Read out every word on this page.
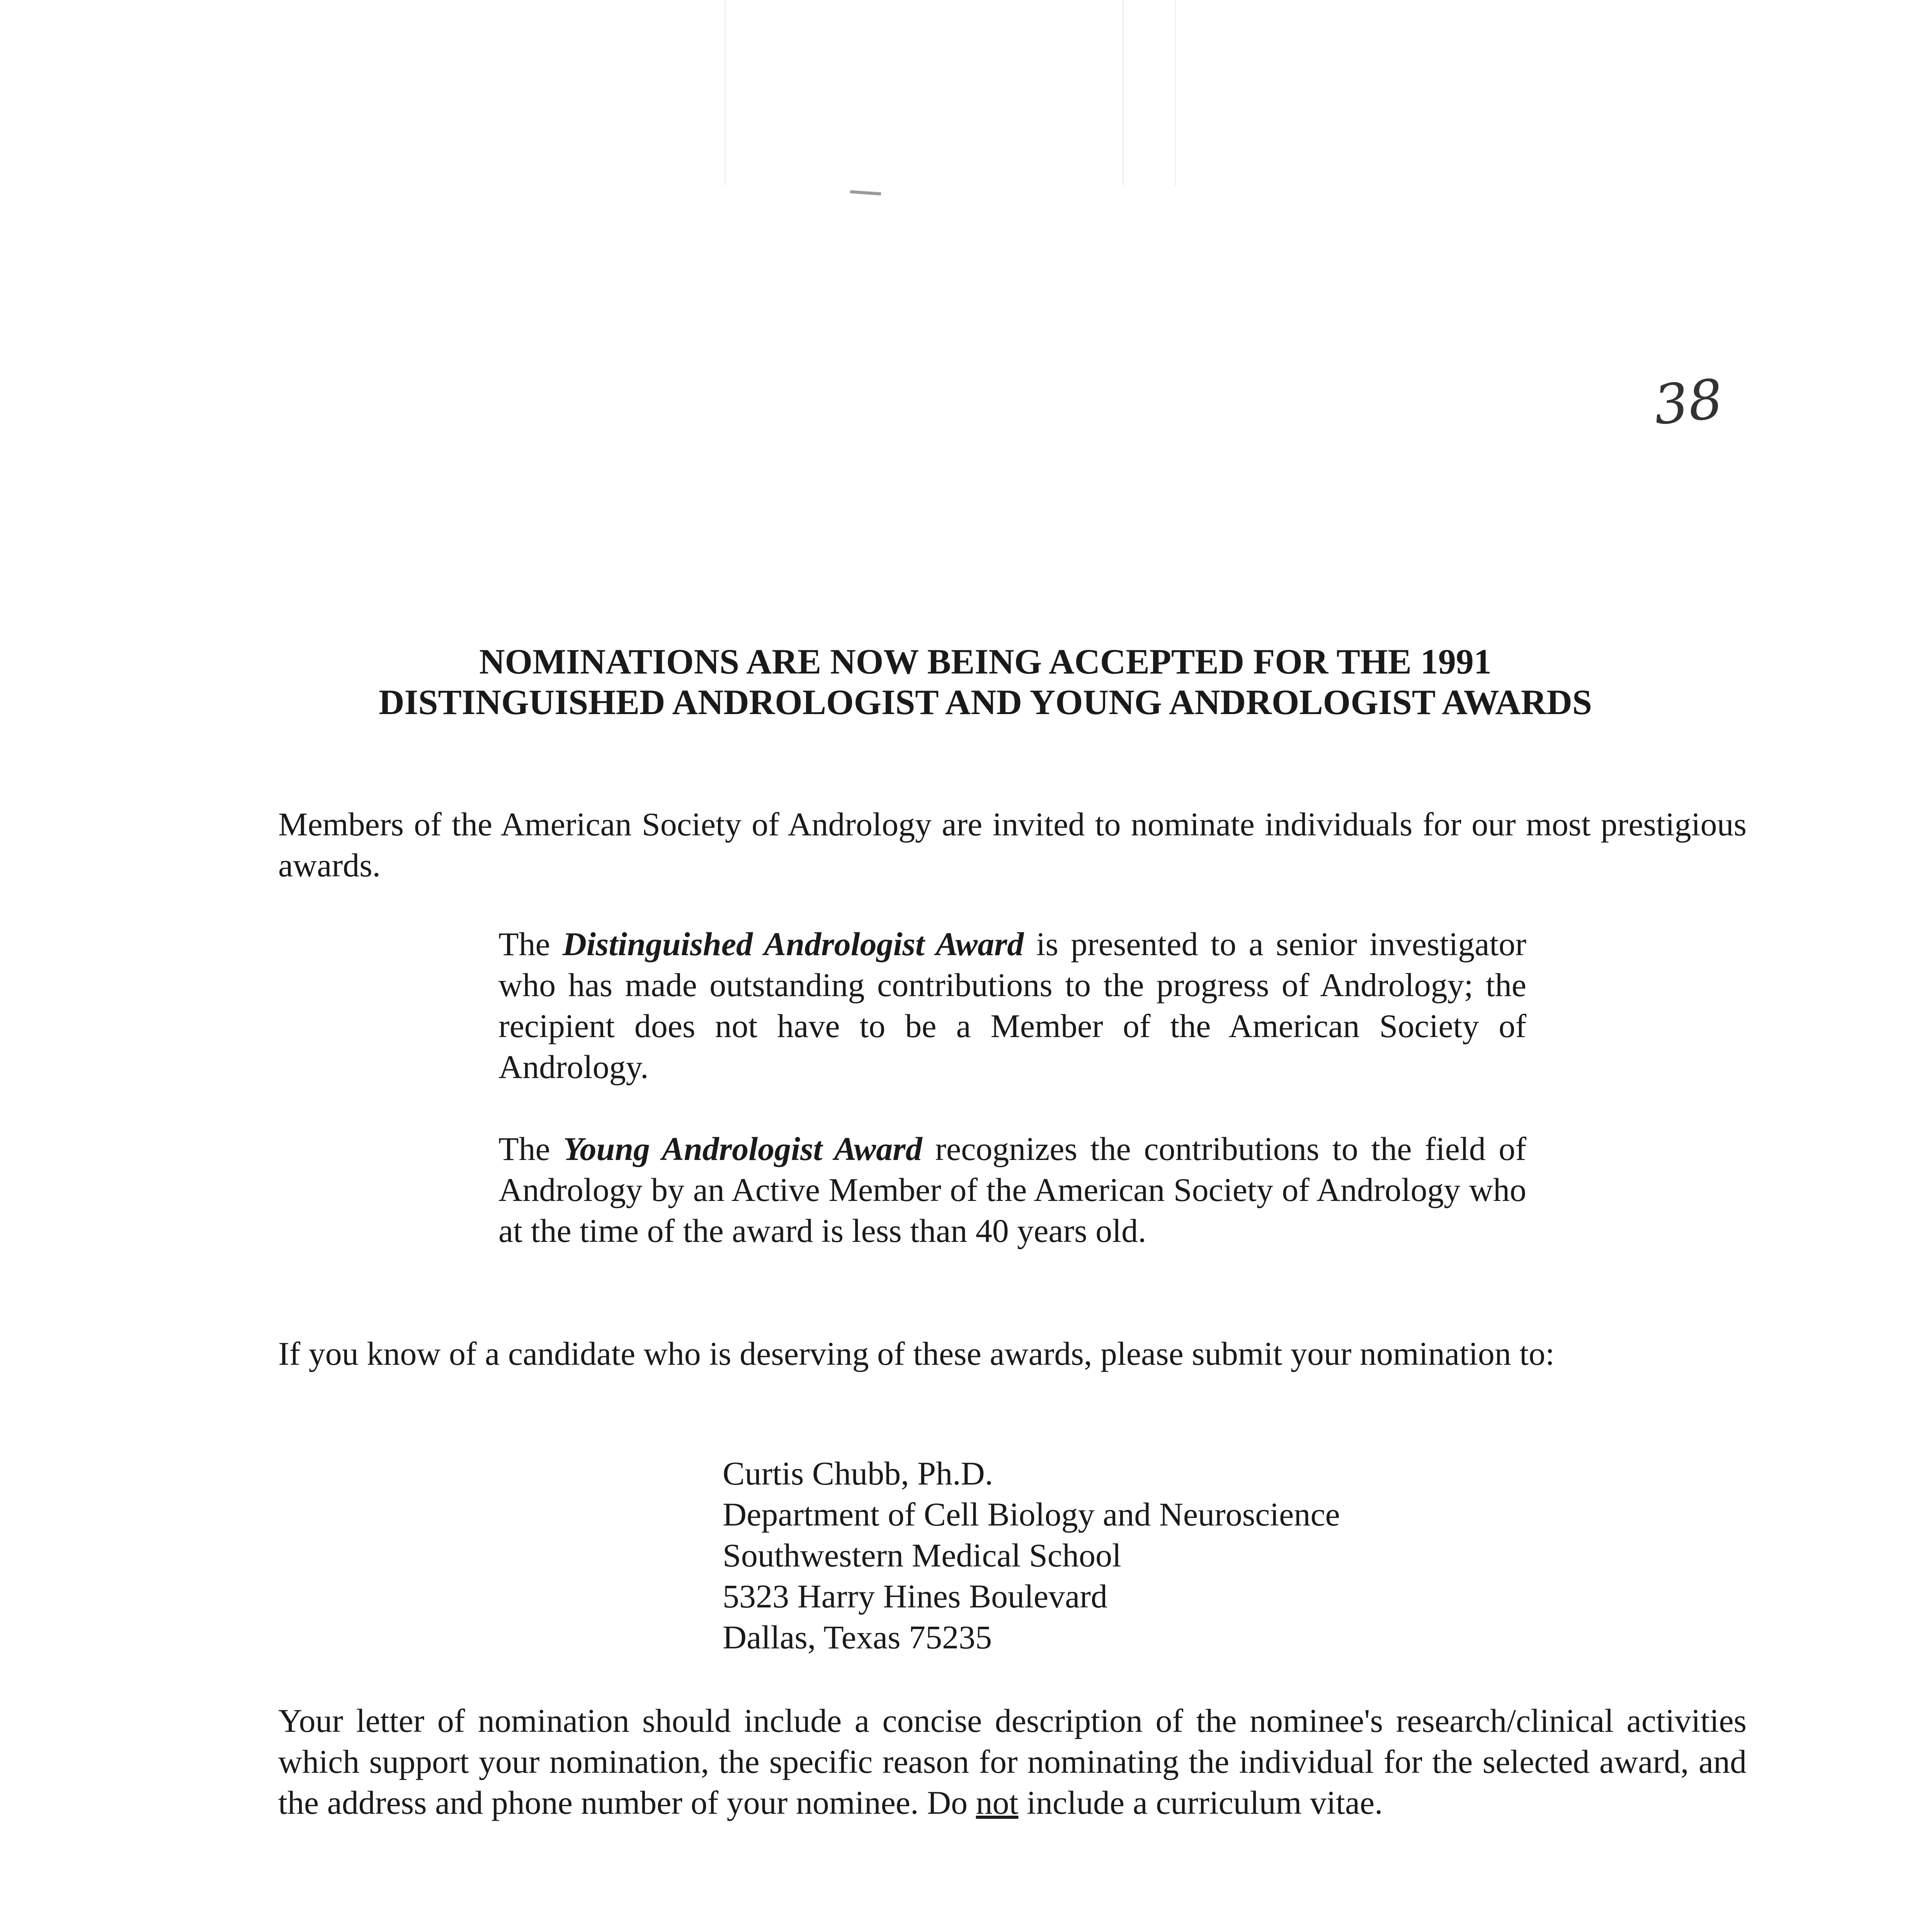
38
NOMINATIONS ARE NOW BEING ACCEPTED FOR THE 1991
DISTINGUISHED ANDROLOGIST AND YOUNG ANDROLOGIST AWARDS

Members of the American Society of Andrology are invited to nominate individuals for our most prestigious awards.

The Distinguished Andrologist Award is presented to a senior investigator who has made outstanding contributions to the progress of Andrology; the recipient does not have to be a Member of the American Society of Andrology.

The Young Andrologist Award recognizes the contributions to the field of Andrology by an Active Member of the American Society of Andrology who at the time of the award is less than 40 years old.

If you know of a candidate who is deserving of these awards, please submit your nomination to:

Curtis Chubb, Ph.D.
Department of Cell Biology and Neuroscience
Southwestern Medical School
5323 Harry Hines Boulevard
Dallas, Texas 75235

Your letter of nomination should include a concise description of the nominee's research/clinical activities which support your nomination, the specific reason for nominating the individual for the selected award, and the address and phone number of your nominee. Do not include a curriculum vitae.
